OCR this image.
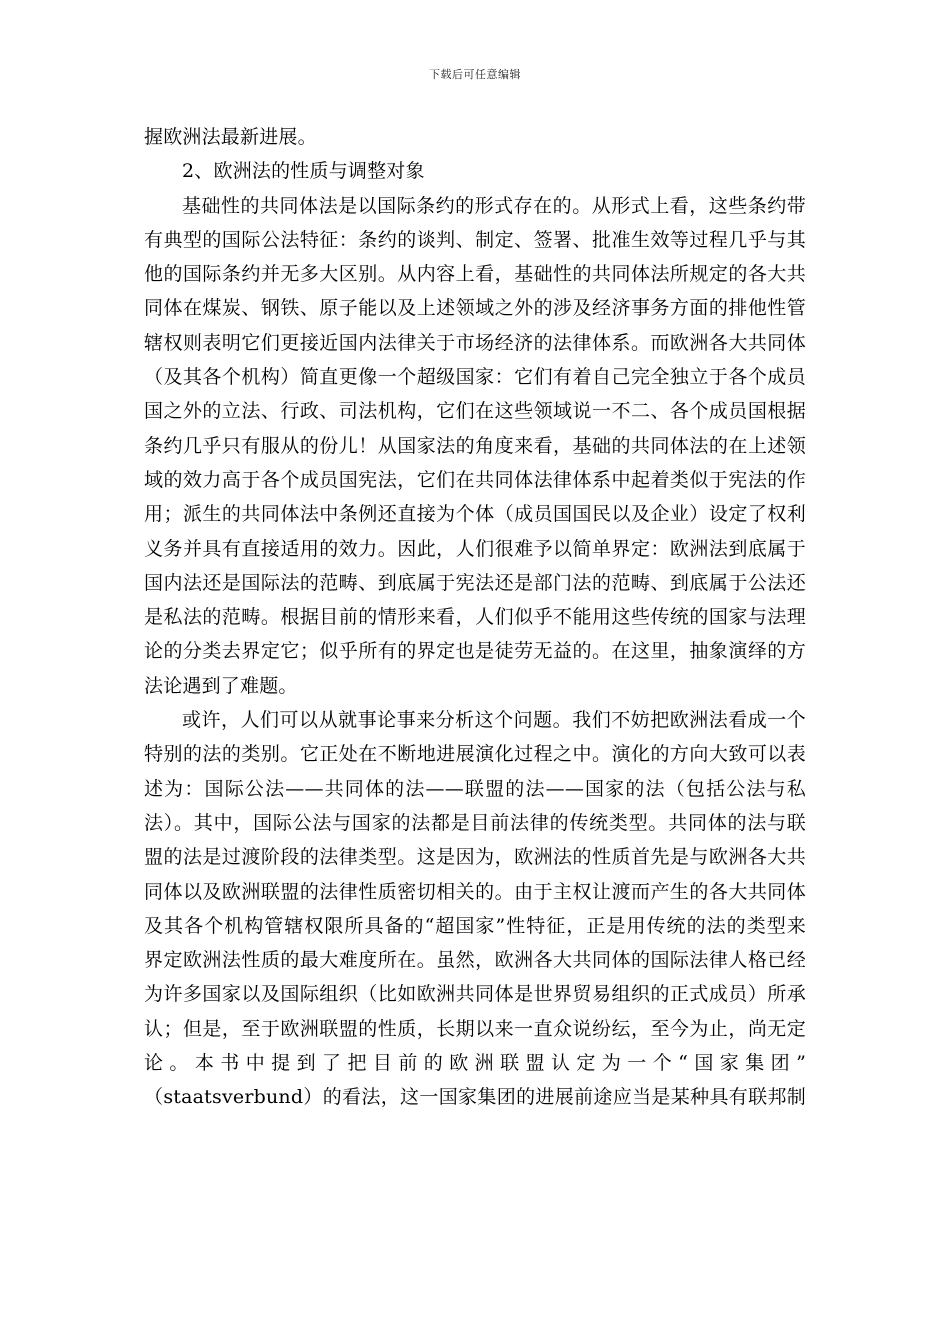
下载后可任意编辑
握欧洲法最新进展。
2、欧洲法的性质与调整对象
基础性的共同体法是以国际条约的形式存在的。从形式上看，这些条约带
有典型的国际公法特征：条约的谈判、制定、签署、批准生效等过程几乎与其
他的国际条约并无多大区别。从内容上看，基础性的共同体法所规定的各大共
同体在煤炭、钢铁、原子能以及上述领域之外的涉及经济事务方面的排他性管
辖权则表明它们更接近国内法律关于市场经济的法律体系。而欧洲各大共同体
（及其各个机构）简直更像一个超级国家：它们有着自己完全独立于各个成员
国之外的立法、行政、司法机构，它们在这些领域说一不二、各个成员国根据
条约几乎只有服从的份儿！从国家法的角度来看，基础的共同体法的在上述领
域的效力高于各个成员国宪法，它们在共同体法律体系中起着类似于宪法的作
用；派生的共同体法中条例还直接为个体（成员国国民以及企业）设定了权利
义务并具有直接适用的效力。因此，人们很难予以简单界定：欧洲法到底属于
国内法还是国际法的范畴、到底属于宪法还是部门法的范畴、到底属于公法还
是私法的范畴。根据目前的情形来看，人们似乎不能用这些传统的国家与法理
论的分类去界定它；似乎所有的界定也是徒劳无益的。在这里，抽象演绎的方
法论遇到了难题。
或许，人们可以从就事论事来分析这个问题。我们不妨把欧洲法看成一个
特别的法的类别。它正处在不断地进展演化过程之中。演化的方向大致可以表
述为：国际公法——共同体的法——联盟的法——国家的法（包括公法与私
法）。其中，国际公法与国家的法都是目前法律的传统类型。共同体的法与联
盟的法是过渡阶段的法律类型。这是因为，欧洲法的性质首先是与欧洲各大共
同体以及欧洲联盟的法律性质密切相关的。由于主权让渡而产生的各大共同体
及其各个机构管辖权限所具备的“超国家”性特征，正是用传统的法的类型来
界定欧洲法性质的最大难度所在。虽然，欧洲各大共同体的国际法律人格已经
为许多国家以及国际组织（比如欧洲共同体是世界贸易组织的正式成员）所承
认；但是，至于欧洲联盟的性质，长期以来一直众说纷纭，至今为止，尚无定
论。本书中提到了把目前的欧洲联盟认定为一个“国家集团”
（staatsverbund）的看法，这一国家集团的进展前途应当是某种具有联邦制
